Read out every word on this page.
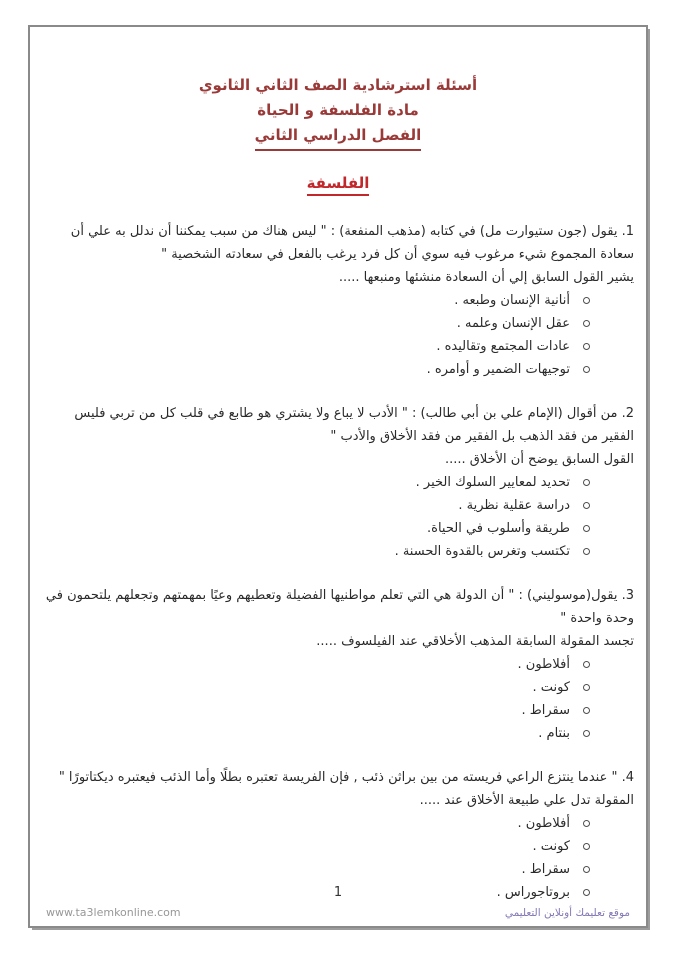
أسئلة استرشادية الصف الثاني الثانوي
مادة الفلسفة و الحياة
الفصل الدراسي الثاني
الفلسفة

1. يقول (جون ستيوارت مل) في كتابه (مذهب المنفعة) : " ليس هناك من سبب يمكننا أن ندلل به علي أن سعادة المجموع شيء مرغوب فيه سوي أن كل فرد يرغب بالفعل في سعادته الشخصية "

يشير القول السابق إلي أن السعادة منشئها ومنبعها .....

أنانية الإنسان وطبعه .
عقل الإنسان وعلمه .
عادات المجتمع وتقاليده .
توجيهات الضمير و أوامره .

2. من أقوال (الإمام علي بن أبي طالب) : " الأدب لا يباع ولا يشتري هو طابع في قلب كل من تربي فليس الفقير من فقد الذهب بل الفقير من فقد الأخلاق والأدب "

القول السابق يوضح أن الأخلاق .....

تحديد لمعايير السلوك الخير .
دراسة عقلية نظرية .
طريقة وأسلوب في الحياة.
تكتسب وتغرس بالقدوة الحسنة .

3. يقول(موسوليني) : " أن الدولة هي التي تعلم مواطنيها الفضيلة وتعطيهم وعيًا بمهمتهم وتجعلهم يلتحمون في وحدة واحدة "

تجسد المقولة السابقة المذهب الأخلاقي عند الفيلسوف .....

أفلاطون .
كونت .
سقراط .
بنتام .

4. " عندما ينتزع الراعي فريسته من بين براثن ذئب , فإن الفريسة تعتبره بطلًا وأما الذئب فيعتبره ديكتاتورًا "

المقولة تدل علي طبيعة الأخلاق عند .....

أفلاطون .
كونت .
سقراط .
بروتاجوراس .
1
www.ta3lemkonline.com	موقع تعليمك أونلاين التعليمي
